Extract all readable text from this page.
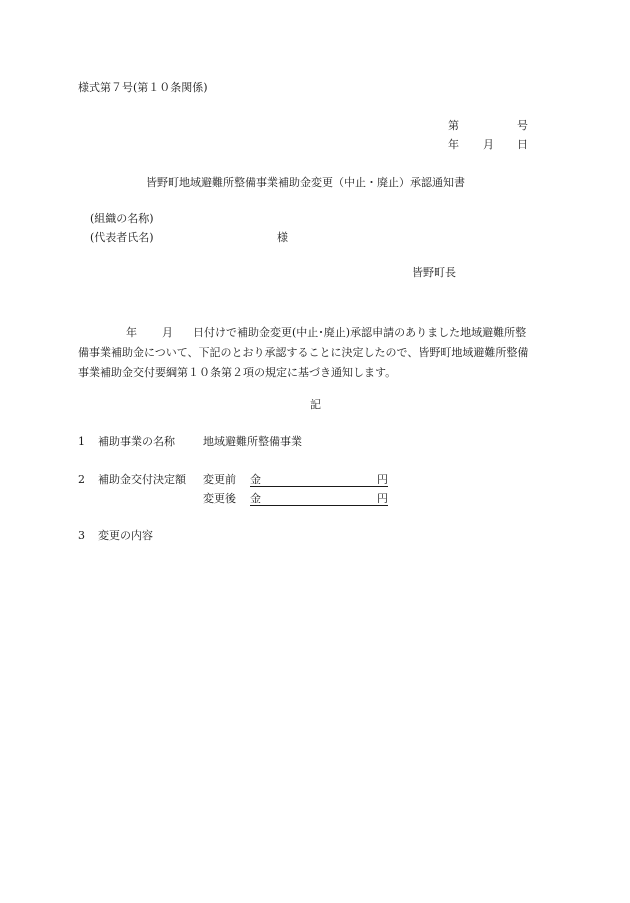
様式第７号(第１０条関係)
第	号
年 月 日
皆野町地域避難所整備事業補助金変更（中止・廃止）承認通知書
(組織の名称)
(代表者氏名)	様
皆野町長
年 月 日付けで補助金変更(中止･廃止)承認申請のありました地域避難所整
備事業補助金について、下記のとおり承認することに決定したので、皆野町地域避難所整備
事業補助金交付要綱第１０条第２項の規定に基づき通知します。
記
1 補助事業の名称	地域避難所整備事業
2 補助金交付決定額 変更前 金	円
変更後 金	円
3 変更の内容
